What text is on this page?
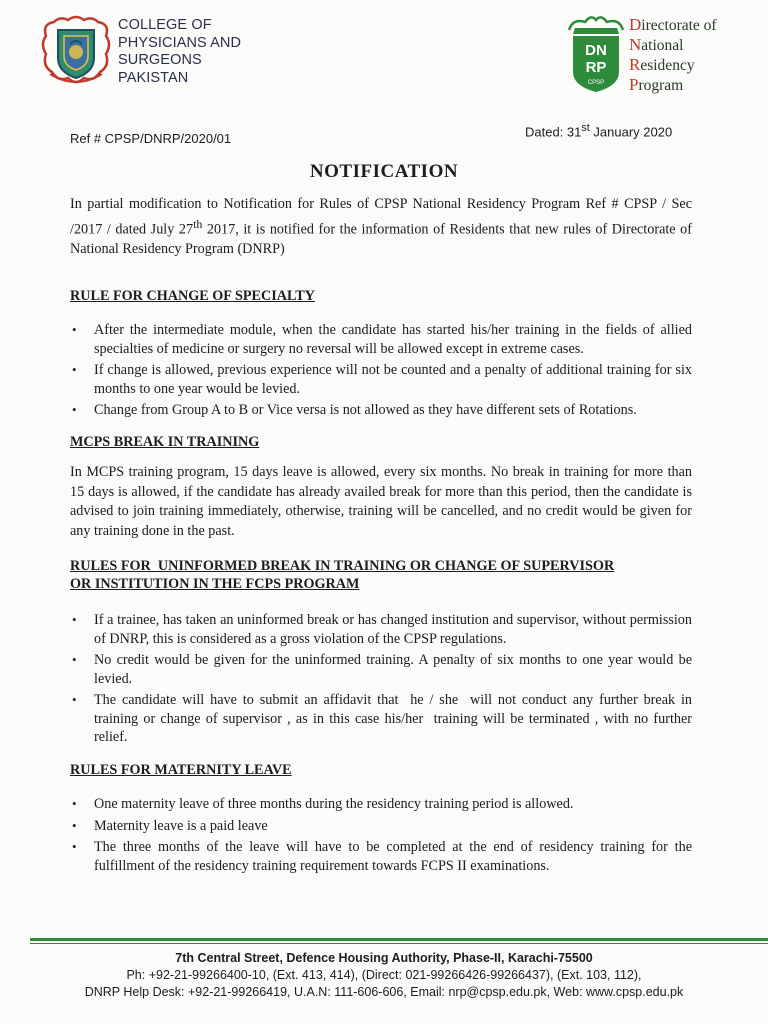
COLLEGE OF
PHYSICIANS AND
SURGEONS
PAKISTAN
DN
RP
CPSP
Directorate of
National
Residency
Program
Ref # CPSP/DNRP/2020/01	Dated: 31st January 2020
NOTIFICATION
In partial modification to Notification for Rules of CPSP National Residency Program Ref # CPSP / Sec /2017 / dated July 27th 2017, it is notified for the information of Residents that new rules of Directorate of National Residency Program (DNRP)
RULE FOR CHANGE OF SPECIALTY
• After the intermediate module, when the candidate has started his/her training in the fields of allied specialties of medicine or surgery no reversal will be allowed except in extreme cases.
• If change is allowed, previous experience will not be counted and a penalty of additional training for six months to one year would be levied.
• Change from Group A to B or Vice versa is not allowed as they have different sets of Rotations.
MCPS BREAK IN TRAINING
In MCPS training program, 15 days leave is allowed, every six months. No break in training for more than 15 days is allowed, if the candidate has already availed break for more than this period, then the candidate is advised to join training immediately, otherwise, training will be cancelled, and no credit would be given for any training done in the past.
RULES FOR  UNINFORMED BREAK IN TRAINING OR CHANGE OF SUPERVISOR
OR INSTITUTION IN THE FCPS PROGRAM
• If a trainee, has taken an uninformed break or has changed institution and supervisor, without permission of DNRP, this is considered as a gross violation of the CPSP regulations.
• No credit would be given for the uninformed training. A penalty of six months to one year would be levied.
• The candidate will have to submit an affidavit that  he / she  will not conduct any further break in training or change of supervisor , as in this case his/her  training will be terminated , with no further relief.
RULES FOR MATERNITY LEAVE
• One maternity leave of three months during the residency training period is allowed.
• Maternity leave is a paid leave
• The three months of the leave will have to be completed at the end of residency training for the fulfillment of the residency training requirement towards FCPS II examinations.
7th Central Street, Defence Housing Authority, Phase-II, Karachi-75500
Ph: +92-21-99266400-10, (Ext. 413, 414), (Direct: 021-99266426-99266437), (Ext. 103, 112),
DNRP Help Desk: +92-21-99266419, U.A.N: 111-606-606, Email: nrp@cpsp.edu.pk, Web: www.cpsp.edu.pk
